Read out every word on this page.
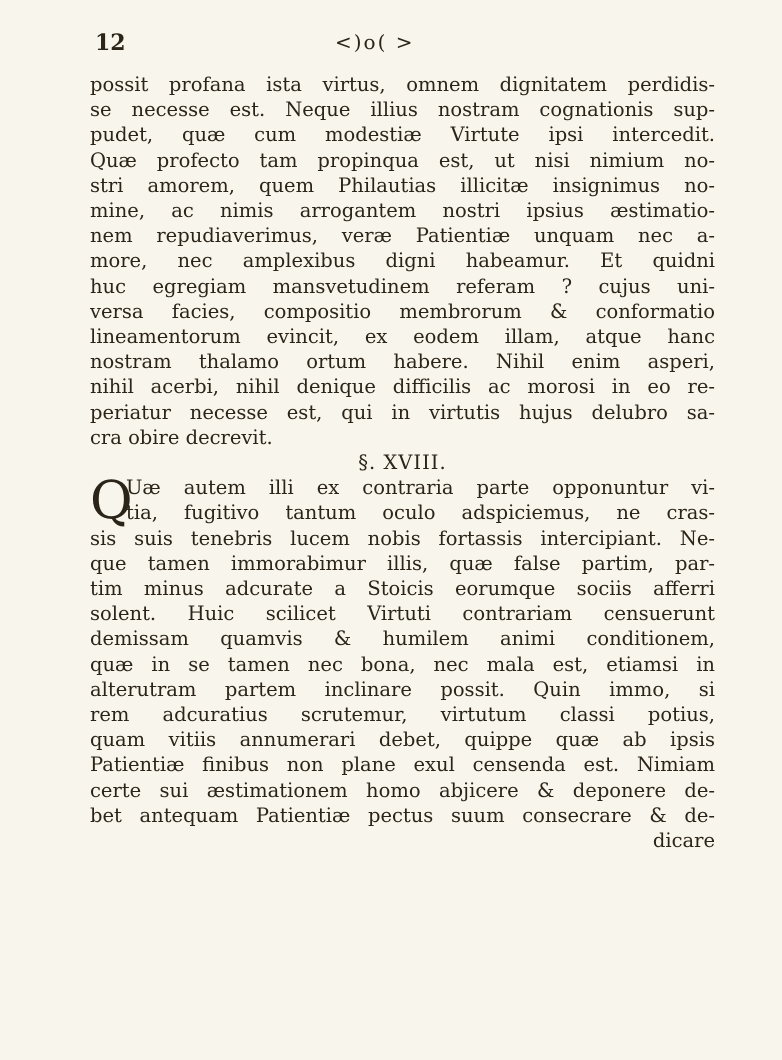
12	<)o( >
possit profana ista virtus, omnem dignitatem perdidis-
se necesse est. Neque illius nostram cognationis sup-
pudet, quæ cum modestiæ Virtute ipsi intercedit.
Quæ profecto tam propinqua est, ut nisi nimium no-
stri amorem, quem Philautias illicitæ insignimus no-
mine, ac nimis arrogantem nostri ipsius æstimatio-
nem repudiaverimus, veræ Patientiæ unquam nec a-
more, nec amplexibus digni habeamur. Et quidni
huc egregiam mansvetudinem referam ? cujus uni-
versa facies, compositio membrorum & conformatio
lineamentorum evincit, ex eodem illam, atque hanc
nostram thalamo ortum habere. Nihil enim asperi,
nihil acerbi, nihil denique difficilis ac morosi in eo re-
periatur necesse est, qui in virtutis hujus delubro sa-
cra obire decrevit.
§. XVIII.
Q
Uæ autem illi ex contraria parte opponuntur vi-
tia, fugitivo tantum oculo adspiciemus, ne cras-
sis suis tenebris lucem nobis fortassis intercipiant. Ne-
que tamen immorabimur illis, quæ false partim, par-
tim minus adcurate a Stoicis eorumque sociis afferri
solent. Huic scilicet Virtuti contrariam censuerunt
demissam quamvis & humilem animi conditionem,
quæ in se tamen nec bona, nec mala est, etiamsi in
alterutram partem inclinare possit. Quin immo, si
rem adcuratius scrutemur, virtutum classi potius,
quam vitiis annumerari debet, quippe quæ ab ipsis
Patientiæ finibus non plane exul censenda est. Nimiam
certe sui æstimationem homo abjicere & deponere de-
bet antequam Patientiæ pectus suum consecrare & de-
dicare
